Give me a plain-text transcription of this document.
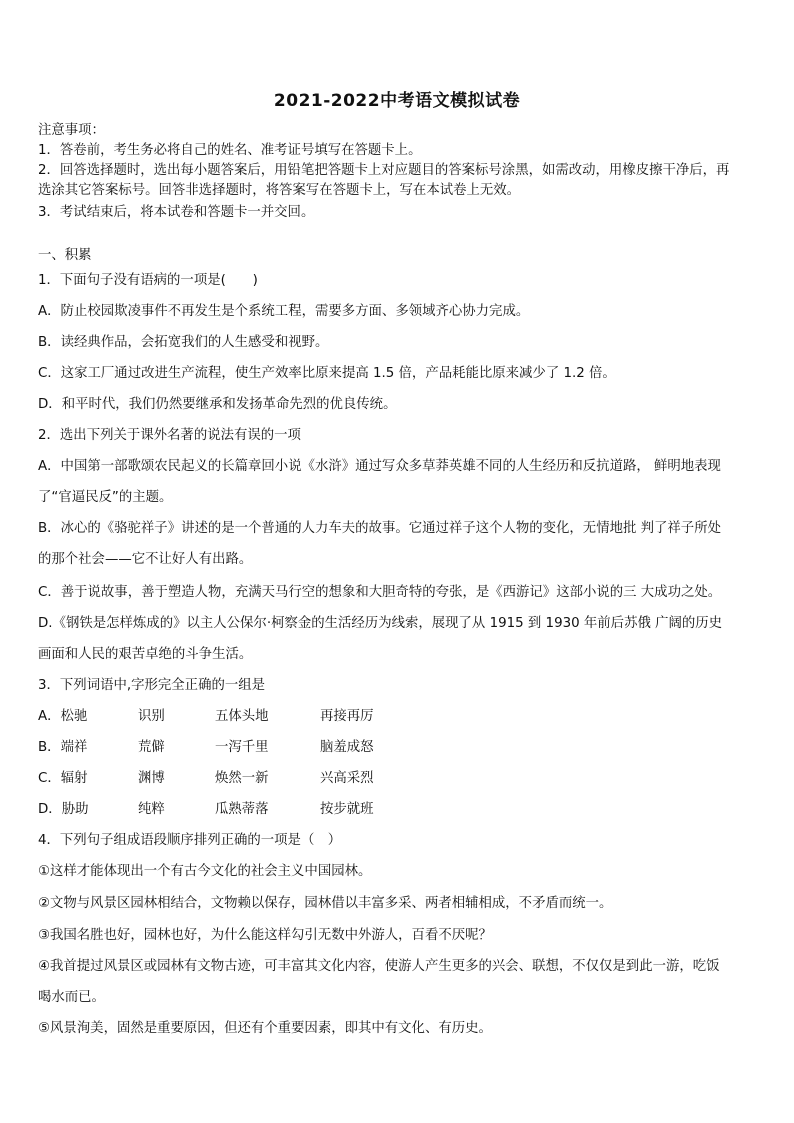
2021-2022中考语文模拟试卷
注意事项：
1．答卷前，考生务必将自己的姓名、准考证号填写在答题卡上。
2．回答选择题时，选出每小题答案后，用铅笔把答题卡上对应题目的答案标号涂黑，如需改动，用橡皮擦干净后，再
选涂其它答案标号。回答非选择题时，将答案写在答题卡上，写在本试卷上无效。
3．考试结束后，将本试卷和答题卡一并交回。
一、积累
1．下面句子没有语病的一项是(　　)
A．防止校园欺凌事件不再发生是个系统工程，需要多方面、多领域齐心协力完成。
B．读经典作品，会拓宽我们的人生感受和视野。
C．这家工厂通过改进生产流程，使生产效率比原来提高 1.5 倍，产品耗能比原来减少了 1.2 倍。
D．和平时代，我们仍然要继承和发扬革命先烈的优良传统。
2．选出下列关于课外名著的说法有误的一项
A．中国第一部歌颂农民起义的长篇章回小说《水浒》通过写众多草莽英雄不同的人生经历和反抗道路， 鲜明地表现
了“官逼民反”的主题。
B．冰心的《骆驼祥子》讲述的是一个普通的人力车夫的故事。它通过祥子这个人物的变化，无情地批 判了祥子所处
的那个社会——它不让好人有出路。
C．善于说故事，善于塑造人物，充满天马行空的想象和大胆奇特的夸张，是《西游记》这部小说的三 大成功之处。
D.《钢铁是怎样炼成的》以主人公保尔·柯察金的生活经历为线索，展现了从 1915 到 1930 年前后苏俄 广阔的历史
画面和人民的艰苦卓绝的斗争生活。
3．下列词语中,字形完全正确的一组是
A．松驰	识别	五体头地	再接再厉
B．端祥	荒僻	一泻千里	脑羞成怒
C．辐射	渊博	焕然一新	兴高采烈
D．胁助	纯粹	瓜熟蒂落	按步就班
4．下列句子组成语段顺序排列正确的一项是（　）
①这样才能体现出一个有古今文化的社会主义中国园林。
②文物与风景区园林相结合，文物赖以保存，园林借以丰富多采、两者相辅相成，不矛盾而统一。
③我国名胜也好，园林也好，为什么能这样勾引无数中外游人，百看不厌呢？
④我首提过风景区或园林有文物古迹，可丰富其文化内容，使游人产生更多的兴会、联想，不仅仅是到此一游，吃饭
喝水而已。
⑤风景洵美，固然是重要原因，但还有个重要因素，即其中有文化、有历史。
